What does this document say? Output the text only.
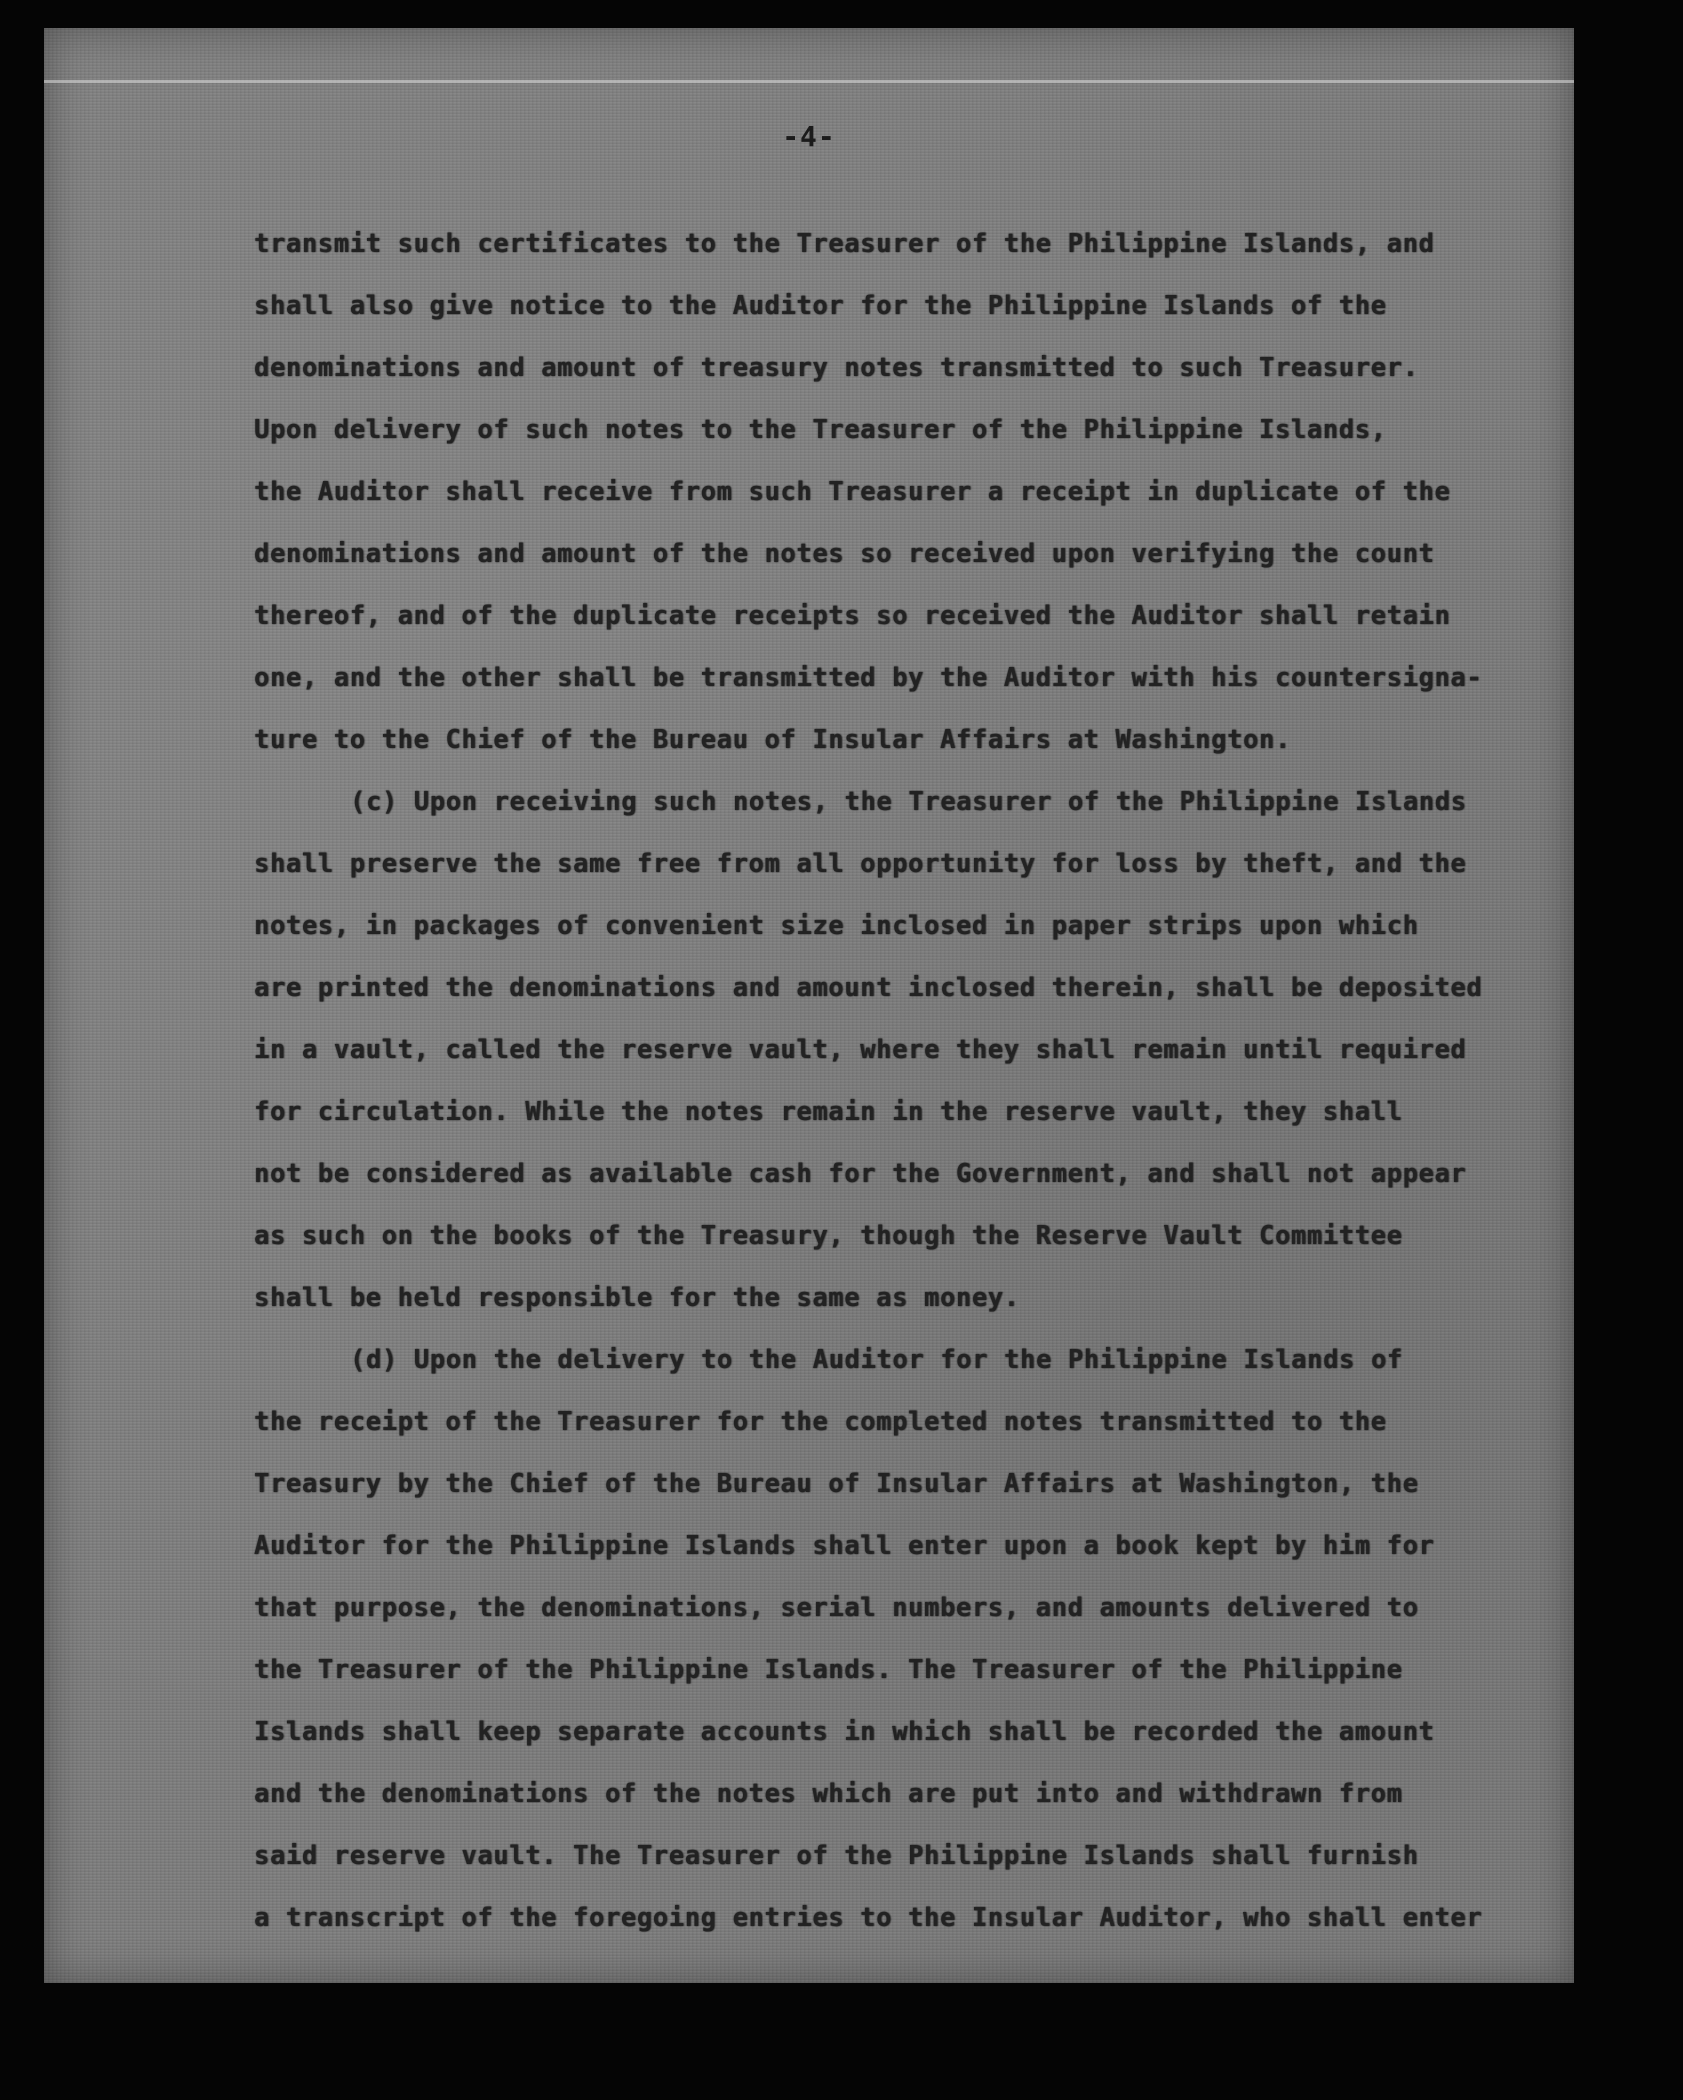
-4-
transmit such certificates to the Treasurer of the Philippine Islands, and
shall also give notice to the Auditor for the Philippine Islands of the
denominations and amount of treasury notes transmitted to such Treasurer.
Upon delivery of such notes to the Treasurer of the Philippine Islands,
the Auditor shall receive from such Treasurer a receipt in duplicate of the
denominations and amount of the notes so received upon verifying the count
thereof, and of the duplicate receipts so received the Auditor shall retain
one, and the other shall be transmitted by the Auditor with his countersigna-
ture to the Chief of the Bureau of Insular Affairs at Washington.
(c) Upon receiving such notes, the Treasurer of the Philippine Islands
shall preserve the same free from all opportunity for loss by theft, and the
notes, in packages of convenient size inclosed in paper strips upon which
are printed the denominations and amount inclosed therein, shall be deposited
in a vault, called the reserve vault, where they shall remain until required
for circulation. While the notes remain in the reserve vault, they shall
not be considered as available cash for the Government, and shall not appear
as such on the books of the Treasury, though the Reserve Vault Committee
shall be held responsible for the same as money.
(d) Upon the delivery to the Auditor for the Philippine Islands of
the receipt of the Treasurer for the completed notes transmitted to the
Treasury by the Chief of the Bureau of Insular Affairs at Washington, the
Auditor for the Philippine Islands shall enter upon a book kept by him for
that purpose, the denominations, serial numbers, and amounts delivered to
the Treasurer of the Philippine Islands. The Treasurer of the Philippine
Islands shall keep separate accounts in which shall be recorded the amount
and the denominations of the notes which are put into and withdrawn from
said reserve vault. The Treasurer of the Philippine Islands shall furnish
a transcript of the foregoing entries to the Insular Auditor, who shall enter
